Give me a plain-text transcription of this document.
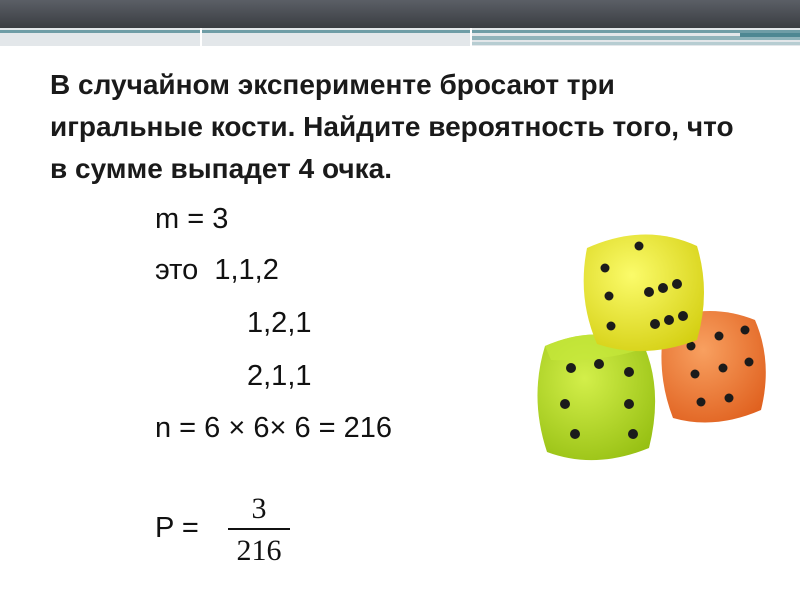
В случайном эксперименте бросают три игральные кости. Найдите вероятность того, что в сумме выпадет 4 очка.

m = 3
это  1,1,2
1,2,1
2,1,1
n = 6 × 6× 6 = 216
P =
3
216
